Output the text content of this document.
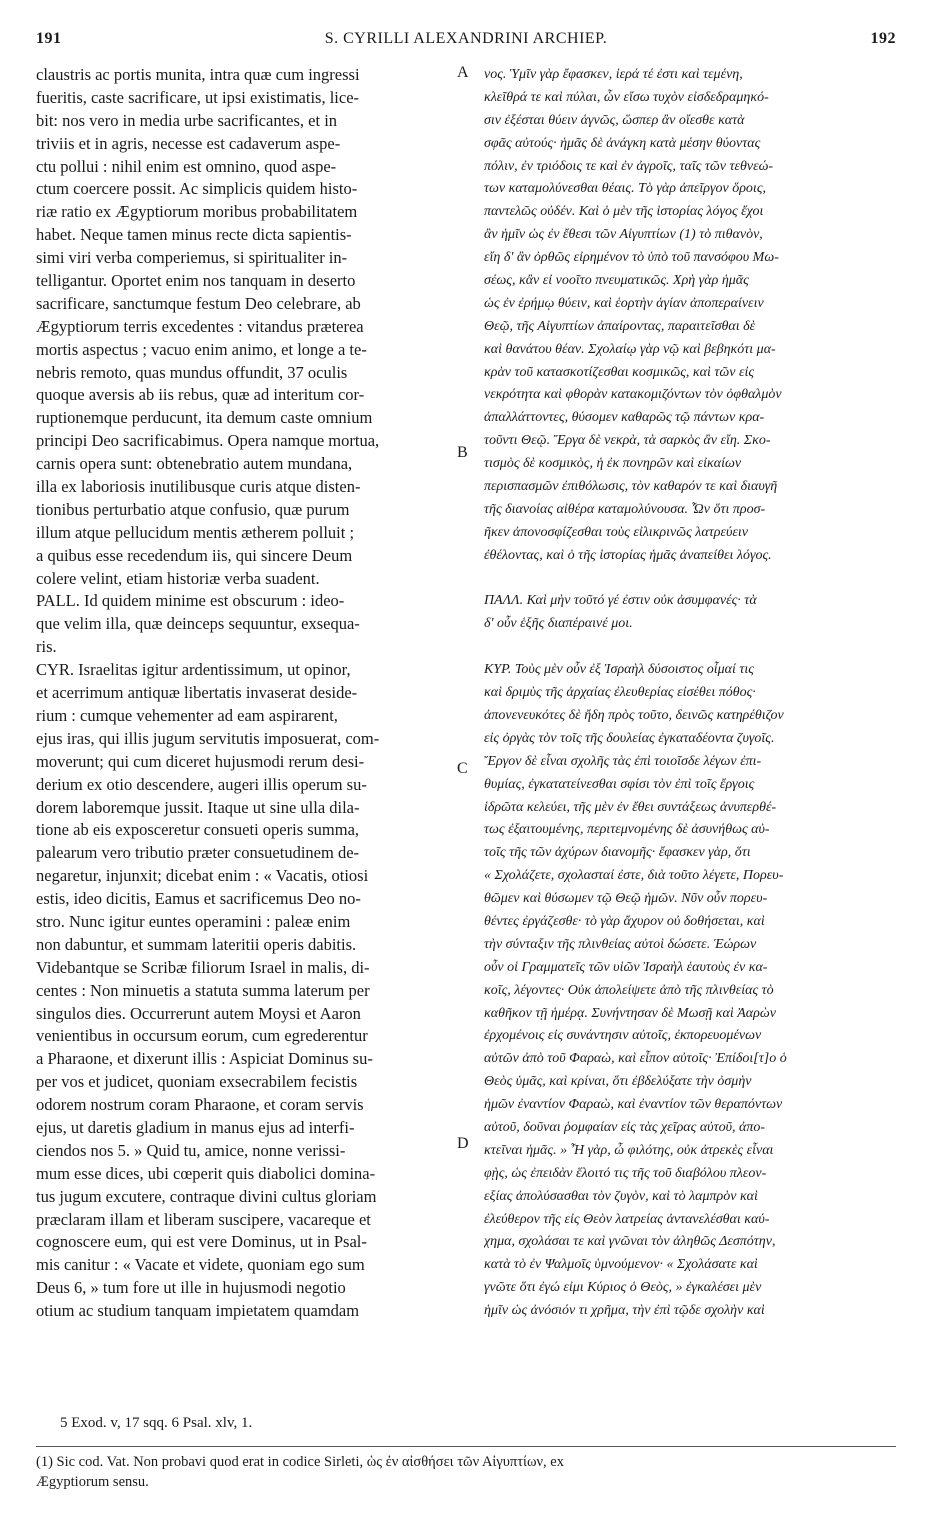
191	S. CYRILLI ALEXANDRINI ARCHIEP.	192
claustris ac portis munita, intra quæ cum ingressi
fueritis, caste sacrificare, ut ipsi existimatis, lice-
bit: nos vero in media urbe sacrificantes, et in
triviis et in agris, necesse est cadaverum aspe-
ctu pollui : nihil enim est omnino, quod aspe-
ctum coercere possit. Ac simplicis quidem histo-
riæ ratio ex Ægyptiorum moribus probabilitatem
habet. Neque tamen minus recte dicta sapientis-
simi viri verba comperiemus, si spiritualiter in-
telligantur. Oportet enim nos tanquam in deserto
sacrificare, sanctumque festum Deo celebrare, ab
Ægyptiorum terris excedentes : vitandus præterea
mortis aspectus ; vacuo enim animo, et longe a te-
nebris remoto, quas mundus offundit, 37 oculis
quoque aversis ab iis rebus, quæ ad interitum cor-
ruptionemque perducunt, ita demum caste omnium
principi Deo sacrificabimus. Opera namque mortua,
carnis opera sunt: obtenebratio autem mundana,
illa ex laboriosis inutilibusque curis atque disten-
tionibus perturbatio atque confusio, quæ purum
illum atque pellucidum mentis ætherem polluit ;
a quibus esse recedendum iis, qui sincere Deum
colere velint, etiam historiæ verba suadent.
PALL. Id quidem minime est obscurum : ideo-
que velim illa, quæ deinceps sequuntur, exsequa-
ris.
CYR. Israelitas igitur ardentissimum, ut opinor,
et acerrimum antiquæ libertatis invaserat deside-
rium : cumque vehementer ad eam aspirarent,
ejus iras, qui illis jugum servitutis imposuerat, com-
moverunt; qui cum diceret hujusmodi rerum desi-
derium ex otio descendere, augeri illis operum su-
dorem laboremque jussit. Itaque ut sine ulla dila-
tione ab eis exposceretur consueti operis summa,
palearum vero tributio præter consuetudinem de-
negaretur, injunxit; dicebat enim : « Vacatis, otiosi
estis, ideo dicitis, Eamus et sacrificemus Deo no-
stro. Nunc igitur euntes operamini : paleæ enim
non dabuntur, et summam lateritii operis dabitis.
Videbantque se Scribæ filiorum Israel in malis, di-
centes : Non minuetis a statuta summa laterum per
singulos dies. Occurrerunt autem Moysi et Aaron
venientibus in occursum eorum, cum egrederentur
a Pharaone, et dixerunt illis : Aspiciat Dominus su-
per vos et judicet, quoniam exsecrabilem fecistis
odorem nostrum coram Pharaone, et coram servis
ejus, ut daretis gladium in manus ejus ad interfi-
ciendos nos 5. » Quid tu, amice, nonne verissi-
mum esse dices, ubi cœperit quis diabolici domina-
tus jugum excutere, contraque divini cultus gloriam
præclaram illam et liberam suscipere, vacareque et
cognoscere eum, qui est vere Dominus, ut in Psal-
mis canitur : « Vacate et videte, quoniam ego sum
Deus 6, » tum fore ut ille in hujusmodi negotio
otium ac studium tanquam impietatem quamdam
νος. Ὑμῖν γὰρ ἔφασκεν, ἱερά τέ ἐστι καὶ τεμένη,
κλεῖθρά τε καὶ πύλαι, ὧν εἴσω τυχὸν εἰσδεδραμηκό-
σιν ἐξέσται θύειν ἁγνῶς, ὥσπερ ἂν οἴεσθε κατὰ
σφᾶς αὐτούς· ἡμᾶς δὲ ἀνάγκη κατὰ μέσην θύοντας
πόλιν, ἐν τριόδοις τε καὶ ἐν ἀγροῖς, ταῖς τῶν τεθνεώ-
των καταμολύνεσθαι θέαις. Τὸ γὰρ ἀπεῖργον ὅροις,
παντελῶς οὐδέν. Καὶ ὁ μὲν τῆς ἱστορίας λόγος ἔχοι
ἂν ἡμῖν ὡς ἐν ἔθεσι τῶν Αἰγυπτίων (1) τὸ πιθανὸν,
εἴη δ' ἂν ὀρθῶς εἰρημένον τὸ ὑπὸ τοῦ πανσόφου Μω-
σέως, κἂν εἰ νοοῖτο πνευματικῶς. Χρὴ γὰρ ἡμᾶς
ὡς ἐν ἐρήμῳ θύειν, καὶ ἑορτὴν ἁγίαν ἀποπεραίνειν
Θεῷ, τῆς Αἰγυπτίων ἀπαίροντας, παραιτεῖσθαι δὲ
καὶ θανάτου θέαν. Σχολαίῳ γὰρ νῷ καὶ βεβηκότι μα-
κρὰν τοῦ κατασκοτίζεσθαι κοσμικῶς, καὶ τῶν εἰς
νεκρότητα καὶ φθορὰν κατακομιζόντων τὸν ὀφθαλμὸν
ἀπαλλάττοντες, θύσομεν καθαρῶς τῷ πάντων κρα-
τοῦντι Θεῷ. Ἔργα δὲ νεκρὰ, τὰ σαρκὸς ἂν εἴη. Σκο-
τισμὸς δὲ κοσμικὸς, ἡ ἐκ πονηρῶν καὶ εἰκαίων
περισπασμῶν ἐπιθόλωσις, τὸν καθαρόν τε καὶ διαυγῆ
τῆς διανοίας αἰθέρα καταμολύνουσα. Ὧν ὅτι προσ-
ῆκεν ἀπονοσφίζεσθαι τοὺς εἰλικρινῶς λατρεύειν
ἐθέλοντας, καὶ ὁ τῆς ἱστορίας ἡμᾶς ἀναπείθει λόγος.
ΠΑΛΛ. Καὶ μὴν τοῦτό γέ ἐστιν οὐκ ἀσυμφανές· τὰ
δ' οὖν ἑξῆς διαπέραινέ μοι.
ΚΥΡ. Τοὺς μὲν οὖν ἐξ Ἰσραὴλ δύσοιστος οἶμαί τις
καὶ δριμὺς τῆς ἀρχαίας ἐλευθερίας εἰσέθει πόθος·
ἀπονενευκότες δὲ ἤδη πρὸς τοῦτο, δεινῶς κατηρέθιζον
εἰς ὀργὰς τὸν τοῖς τῆς δουλείας ἐγκαταδέοντα ζυγοῖς.
Ἔργον δὲ εἶναι σχολῆς τὰς ἐπὶ τοιοῖσδε λέγων ἐπι-
θυμίας, ἐγκατατείνεσθαι σφίσι τὸν ἐπὶ τοῖς ἔργοις
ἱδρῶτα κελεύει, τῆς μὲν ἐν ἔθει συντάξεως ἀνυπερθέ-
τως ἐξαιτουμένης, περιτεμνομένης δὲ ἀσυνήθως αὐ-
τοῖς τῆς τῶν ἀχύρων διανομῆς· ἔφασκεν γὰρ, ὅτι
« Σχολάζετε, σχολασταί ἐστε, διὰ τοῦτο λέγετε, Πορευ-
θῶμεν καὶ θύσωμεν τῷ Θεῷ ἡμῶν. Νῦν οὖν πορευ-
θέντες ἐργάζεσθε· τὸ γὰρ ἄχυρον οὐ δοθήσεται, καὶ
τὴν σύνταξιν τῆς πλινθείας αὐτοὶ δώσετε. Ἑώρων
οὖν οἱ Γραμματεῖς τῶν υἱῶν Ἰσραὴλ ἑαυτοὺς ἐν κα-
κοῖς, λέγοντες· Οὐκ ἀπολείψετε ἀπὸ τῆς πλινθείας τὸ
καθῆκον τῇ ἡμέρᾳ. Συνήντησαν δὲ Μωσῇ καὶ Ἀαρὼν
ἐρχομένοις εἰς συνάντησιν αὐτοῖς, ἐκπορευομένων
αὐτῶν ἀπὸ τοῦ Φαραὼ, καὶ εἶπον αὐτοῖς· Ἐπίδοι[τ]ο ὁ
Θεὸς ὑμᾶς, καὶ κρίναι, ὅτι ἐβδελύξατε τὴν ὀσμὴν
ἡμῶν ἐναντίον Φαραὼ, καὶ ἐναντίον τῶν θεραπόντων
αὐτοῦ, δοῦναι ῥομφαίαν εἰς τὰς χεῖρας αὐτοῦ, ἀπο-
κτεῖναι ἡμᾶς. » Ἦ γὰρ, ὦ φιλότης, οὐκ ἀτρεκὲς εἶναι
φῂς, ὡς ἐπειδὰν ἕλοιτό τις τῆς τοῦ διαβόλου πλεον-
εξίας ἀπολύσασθαι τὸν ζυγὸν, καὶ τὸ λαμπρὸν καὶ
ἐλεύθερον τῆς εἰς Θεὸν λατρείας ἀντανελέσθαι καύ-
χημα, σχολάσαι τε καὶ γνῶναι τὸν ἀληθῶς Δεσπότην,
κατὰ τὸ ἐν Ψαλμοῖς ὑμνούμενον· « Σχολάσατε καὶ
γνῶτε ὅτι ἐγώ εἰμι Κύριος ὁ Θεὸς, » ἐγκαλέσει μὲν
ἡμῖν ὡς ἀνόσιόν τι χρῆμα, τὴν ἐπὶ τῷδε σχολὴν καὶ
A
B
C
D
5 Exod. v, 17 sqq. 6 Psal. xlv, 1.
(1) Sic cod. Vat. Non probavi quod erat in codice Sirleti, ὡς ἐν αἰσθήσει τῶν Αἰγυπτίων, ex
Ægyptiorum sensu.
